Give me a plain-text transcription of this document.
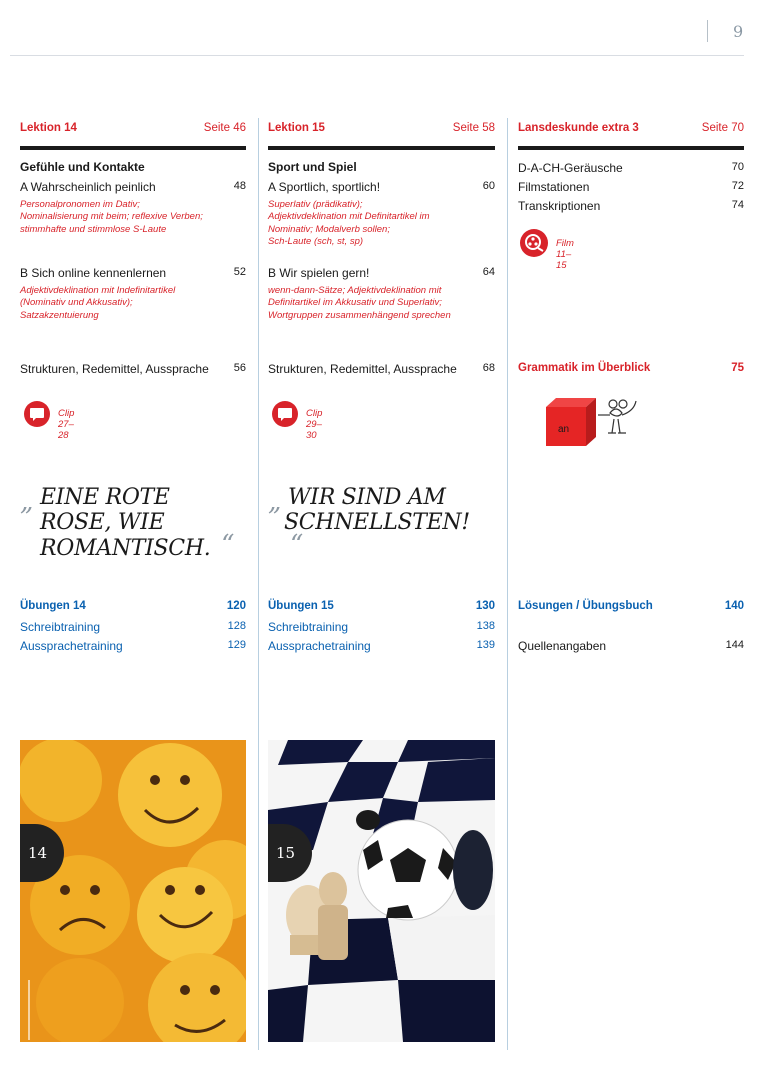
9
Lektion 14	Seite 46
Gefühle und Kontakte
A Wahrscheinlich peinlich	48
Personalpronomen im Dativ;
Nominalisierung mit beim; reflexive Verben;
stimmhafte und stimmlose S-Laute
B Sich online kennenlernen	52
Adjektivdeklination mit Indefinitartikel
(Nominativ und Akkusativ);
Satzakzentuierung
Strukturen, Redemittel, Aussprache 56
Clip 27–28
„ EINE ROTE
ROSE, WIE
ROMANTISCH. “
Übungen 14	120
Schreibtraining	128
Aussprachetraining	129
14
Lektion 15	Seite 58
Sport und Spiel
A Sportlich, sportlich!	60
Superlativ (prädikativ);
Adjektivdeklination mit Definitartikel im
Nominativ; Modalverb sollen;
Sch-Laute (sch, st, sp)
B Wir spielen gern!	64
wenn-dann-Sätze; Adjektivdeklination mit
Definitartikel im Akkusativ und Superlativ;
Wortgruppen zusammenhängend sprechen
Strukturen, Redemittel, Aussprache 68
Clip 29–30
„ WIR SIND AM
SCHNELLSTEN! “
Übungen 15	130
Schreibtraining	138
Aussprachetraining	139
15
Lansdeskunde extra 3	Seite 70
D-A-CH-Geräusche	70
Filmstationen	72
Transkriptionen	74
Film 11–15
Grammatik im Überblick	75
an
Lösungen / Übungsbuch	140
Quellenangaben	144
